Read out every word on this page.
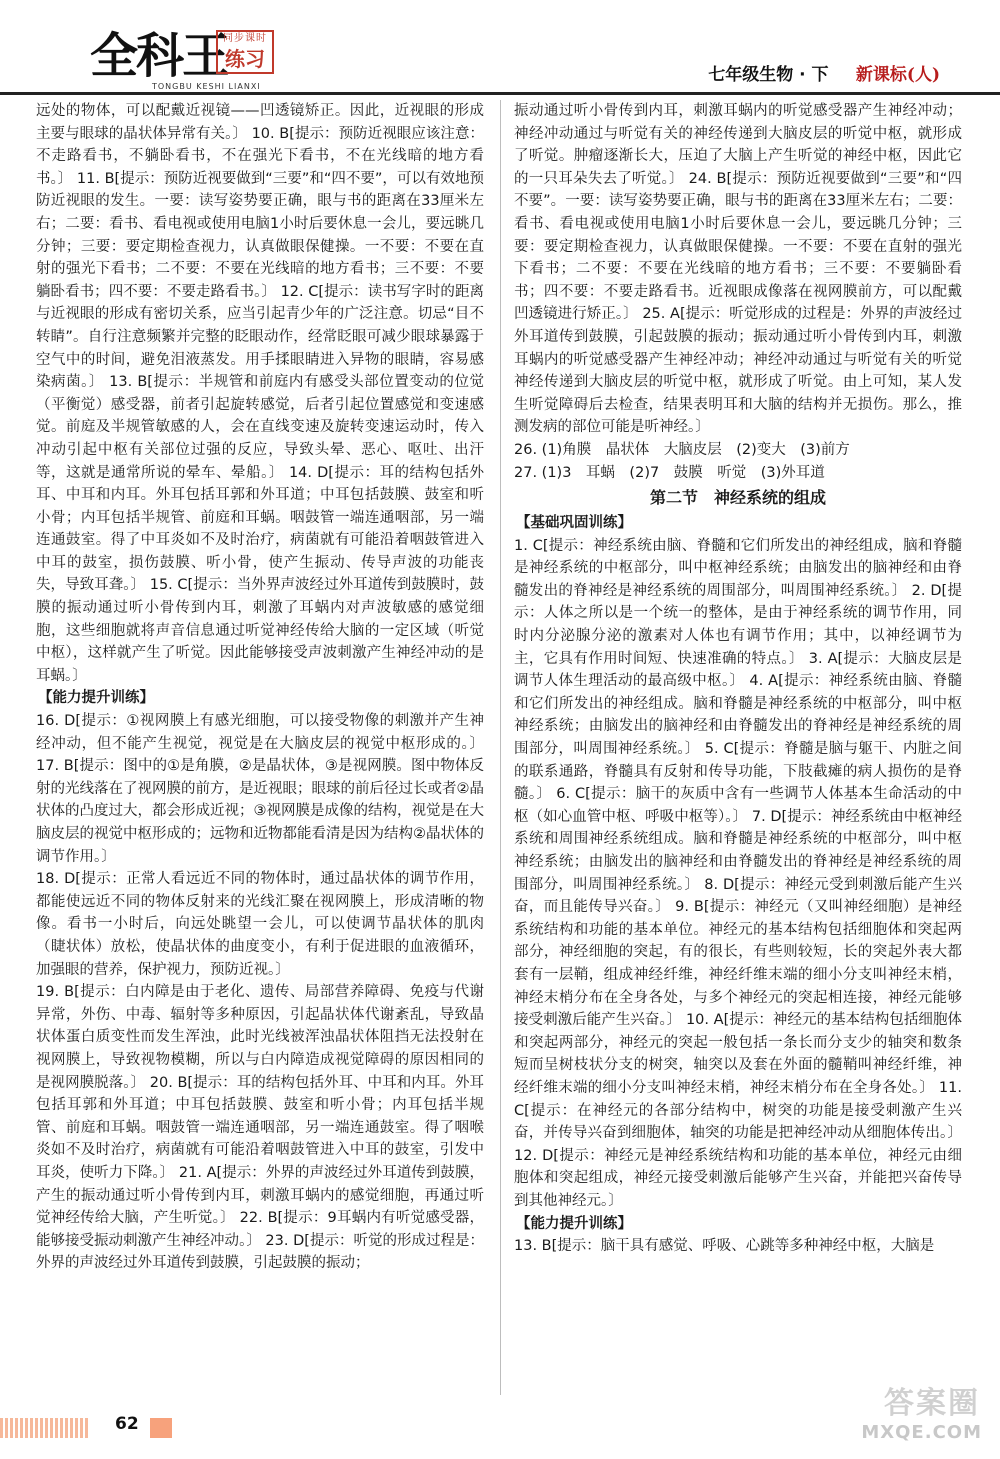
全科王
同步课时
练习
TONGBU KESHI LIANXI
七年级生物 · 下 新课标(人)

远处的物体，可以配戴近视镜——凹透镜矫正。因此，近视眼的形成主要与眼球的晶状体异常有关。〕 10. B[提示：预防近视眼应该注意：不走路看书，不躺卧看书，不在强光下看书，不在光线暗的地方看书。〕 11. B[提示：预防近视要做到“三要”和“四不要”，可以有效地预防近视眼的发生。一要：读写姿势要正确，眼与书的距离在33厘米左右；二要：看书、看电视或使用电脑1小时后要休息一会儿，要远眺几分钟；三要：要定期检查视力，认真做眼保健操。一不要：不要在直射的强光下看书；二不要：不要在光线暗的地方看书；三不要：不要躺卧看书；四不要：不要走路看书。〕 12. C[提示：读书写字时的距离与近视眼的形成有密切关系，应当引起青少年的广泛注意。切忌“目不转睛”。自行注意频繁并完整的眨眼动作，经常眨眼可减少眼球暴露于空气中的时间，避免泪液蒸发。用手揉眼睛进入异物的眼睛，容易感染病菌。〕 13. B[提示：半规管和前庭内有感受头部位置变动的位觉（平衡觉）感受器，前者引起旋转感觉，后者引起位置感觉和变速感觉。前庭及半规管敏感的人，会在直线变速及旋转变速运动时，传入冲动引起中枢有关部位过强的反应，导致头晕、恶心、呕吐、出汗等，这就是通常所说的晕车、晕船。〕 14. D[提示：耳的结构包括外耳、中耳和内耳。外耳包括耳郭和外耳道；中耳包括鼓膜、鼓室和听小骨；内耳包括半规管、前庭和耳蜗。咽鼓管一端连通咽部，另一端连通鼓室。得了中耳炎如不及时治疗，病菌就有可能沿着咽鼓管进入中耳的鼓室，损伤鼓膜、听小骨，使产生振动、传导声波的功能丧失，导致耳聋。〕 15. C[提示：当外界声波经过外耳道传到鼓膜时，鼓膜的振动通过听小骨传到内耳，刺激了耳蜗内对声波敏感的感觉细胞，这些细胞就将声音信息通过听觉神经传给大脑的一定区域（听觉中枢），这样就产生了听觉。因此能够接受声波刺激产生神经冲动的是耳蜗。〕

【能力提升训练】

16. D[提示：①视网膜上有感光细胞，可以接受物像的刺激并产生神经冲动，但不能产生视觉，视觉是在大脑皮层的视觉中枢形成的。〕 17. B[提示：图中的①是角膜，②是晶状体，③是视网膜。图中物体反射的光线落在了视网膜的前方，是近视眼；眼球的前后径过长或者②晶状体的凸度过大，都会形成近视；③视网膜是成像的结构，视觉是在大脑皮层的视觉中枢形成的；远物和近物都能看清是因为结构②晶状体的调节作用。〕

18. D[提示：正常人看远近不同的物体时，通过晶状体的调节作用，都能使远近不同的物体反射来的光线汇聚在视网膜上，形成清晰的物像。看书一小时后，向远处眺望一会儿，可以使调节晶状体的肌肉（睫状体）放松，使晶状体的曲度变小，有利于促进眼的血液循环，加强眼的营养，保护视力，预防近视。〕

19. B[提示：白内障是由于老化、遗传、局部营养障碍、免疫与代谢异常，外伤、中毒、辐射等多种原因，引起晶状体代谢紊乱，导致晶状体蛋白质变性而发生浑浊，此时光线被浑浊晶状体阻挡无法投射在视网膜上，导致视物模糊，所以与白内障造成视觉障碍的原因相同的是视网膜脱落。〕 20. B[提示：耳的结构包括外耳、中耳和内耳。外耳包括耳郭和外耳道；中耳包括鼓膜、鼓室和听小骨；内耳包括半规管、前庭和耳蜗。咽鼓管一端连通咽部，另一端连通鼓室。得了咽喉炎如不及时治疗，病菌就有可能沿着咽鼓管进入中耳的鼓室，引发中耳炎，使听力下降。〕 21. A[提示：外界的声波经过外耳道传到鼓膜，产生的振动通过听小骨传到内耳，刺激耳蜗内的感觉细胞，再通过听觉神经传给大脑，产生听觉。〕 22. B[提示：9耳蜗内有听觉感受器，能够接受振动刺激产生神经冲动。〕 23. D[提示：听觉的形成过程是：外界的声波经过外耳道传到鼓膜，引起鼓膜的振动；

振动通过听小骨传到内耳，刺激耳蜗内的听觉感受器产生神经冲动；神经冲动通过与听觉有关的神经传递到大脑皮层的听觉中枢，就形成了听觉。肿瘤逐渐长大，压迫了大脑上产生听觉的神经中枢，因此它的一只耳朵失去了听觉。〕 24. B[提示：预防近视要做到“三要”和“四不要”。一要：读写姿势要正确，眼与书的距离在33厘米左右；二要：看书、看电视或使用电脑1小时后要休息一会儿，要远眺几分钟；三要：要定期检查视力，认真做眼保健操。一不要：不要在直射的强光下看书；二不要：不要在光线暗的地方看书；三不要：不要躺卧看书；四不要：不要走路看书。近视眼成像落在视网膜前方，可以配戴凹透镜进行矫正。〕 25. A[提示：听觉形成的过程是：外界的声波经过外耳道传到鼓膜，引起鼓膜的振动；振动通过听小骨传到内耳，刺激耳蜗内的听觉感受器产生神经冲动；神经冲动通过与听觉有关的听觉神经传递到大脑皮层的听觉中枢，就形成了听觉。由上可知，某人发生听觉障碍后去检查，结果表明耳和大脑的结构并无损伤。那么，推测发病的部位可能是听神经。〕

26. (1)角膜　晶状体　大脑皮层　(2)变大　(3)前方

27. (1)3　耳蜗　(2)7　鼓膜　听觉　(3)外耳道

第二节　神经系统的组成
【基础巩固训练】

1. C[提示：神经系统由脑、脊髓和它们所发出的神经组成，脑和脊髓是神经系统的中枢部分，叫中枢神经系统；由脑发出的脑神经和由脊髓发出的脊神经是神经系统的周围部分，叫周围神经系统。〕 2. D[提示：人体之所以是一个统一的整体，是由于神经系统的调节作用，同时内分泌腺分泌的激素对人体也有调节作用；其中，以神经调节为主，它具有作用时间短、快速准确的特点。〕 3. A[提示：大脑皮层是调节人体生理活动的最高级中枢。〕 4. A[提示：神经系统由脑、脊髓和它们所发出的神经组成。脑和脊髓是神经系统的中枢部分，叫中枢神经系统；由脑发出的脑神经和由脊髓发出的脊神经是神经系统的周围部分，叫周围神经系统。〕 5. C[提示：脊髓是脑与躯干、内脏之间的联系通路，脊髓具有反射和传导功能，下肢截瘫的病人损伤的是脊髓。〕 6. C[提示：脑干的灰质中含有一些调节人体基本生命活动的中枢（如心血管中枢、呼吸中枢等）。〕 7. D[提示：神经系统由中枢神经系统和周围神经系统组成。脑和脊髓是神经系统的中枢部分，叫中枢神经系统；由脑发出的脑神经和由脊髓发出的脊神经是神经系统的周围部分，叫周围神经系统。〕 8. D[提示：神经元受到刺激后能产生兴奋，而且能传导兴奋。〕 9. B[提示：神经元（又叫神经细胞）是神经系统结构和功能的基本单位。神经元的基本结构包括细胞体和突起两部分，神经细胞的突起，有的很长，有些则较短，长的突起外表大都套有一层鞘，组成神经纤维，神经纤维末端的细小分支叫神经末梢，神经末梢分布在全身各处，与多个神经元的突起相连接，神经元能够接受刺激后能产生兴奋。〕 10. A[提示：神经元的基本结构包括细胞体和突起两部分，神经元的突起一般包括一条长而分支少的轴突和数条短而呈树枝状分支的树突，轴突以及套在外面的髓鞘叫神经纤维，神经纤维末端的细小分支叫神经末梢，神经末梢分布在全身各处。〕 11. C[提示：在神经元的各部分结构中，树突的功能是接受刺激产生兴奋，并传导兴奋到细胞体，轴突的功能是把神经冲动从细胞体传出。〕 12. D[提示：神经元是神经系统结构和功能的基本单位，神经元由细胞体和突起组成，神经元接受刺激后能够产生兴奋，并能把兴奋传导到其他神经元。〕

【能力提升训练】

13. B[提示：脑干具有感觉、呼吸、心跳等多种神经中枢，大脑是

62
答案圈
MXQE.COM
